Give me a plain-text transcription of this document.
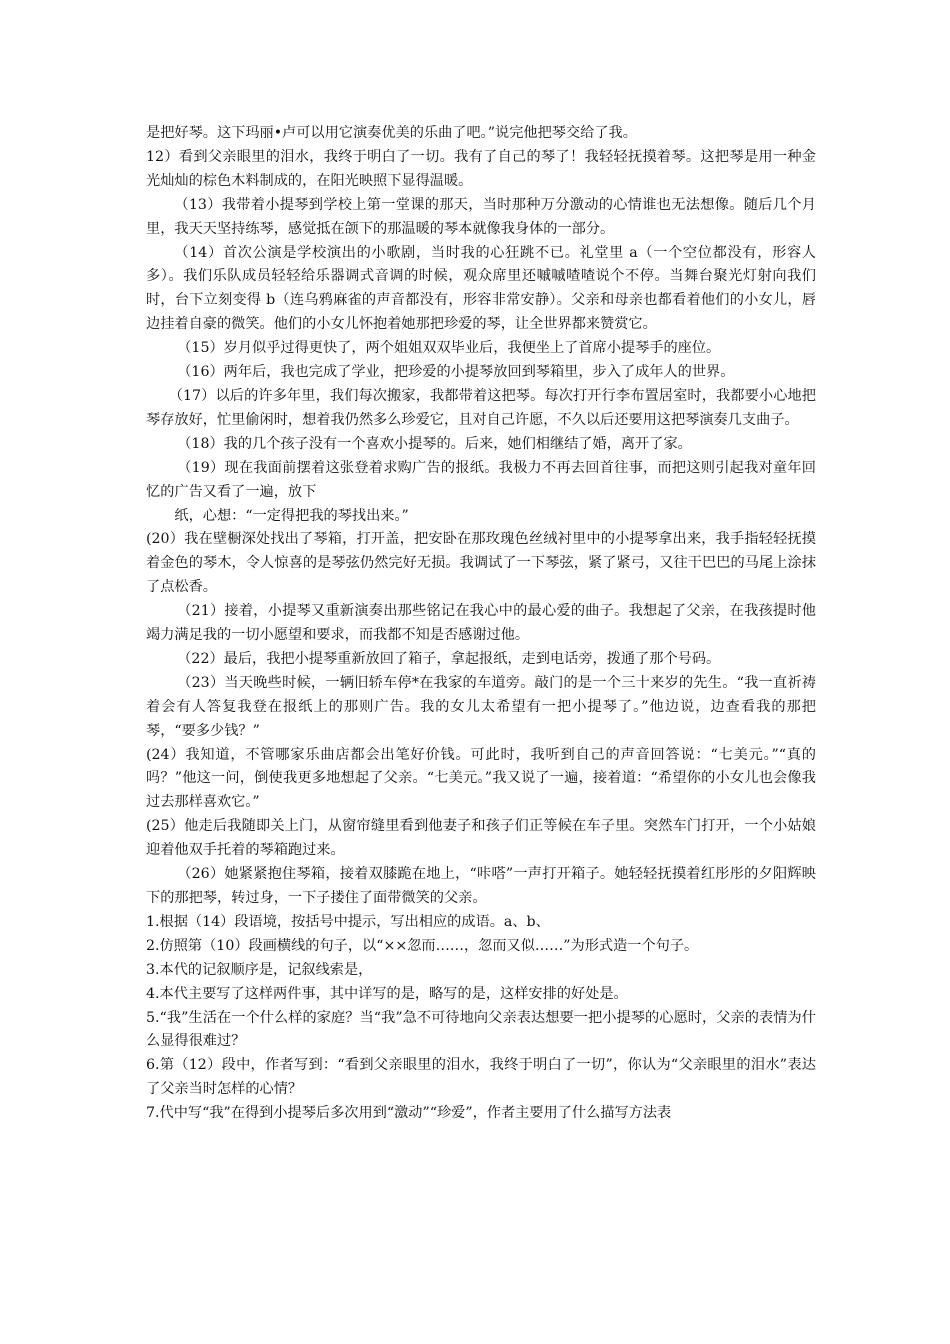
是把好琴。这下玛丽•卢可以用它演奏优美的乐曲了吧。”说完他把琴交给了我。

12）看到父亲眼里的泪水，我终于明白了一切。我有了自己的琴了！我轻轻抚摸着琴。这把琴是用一种金光灿灿的棕色木料制成的，在阳光映照下显得温暖。

（13）我带着小提琴到学校上第一堂课的那天，当时那种万分激动的心情谁也无法想像。随后几个月里，我天天坚持练琴，感觉抵在颌下的那温暖的琴本就像我身体的一部分。

（14）首次公演是学校演出的小歌剧，当时我的心狂跳不已。礼堂里 a（一个空位都没有，形容人多）。我们乐队成员轻轻给乐器调式音调的时候，观众席里还嘁嘁喳喳说个不停。当舞台聚光灯射向我们时，台下立刻变得 b（连乌鸦麻雀的声音都没有，形容非常安静）。父亲和母亲也都看着他们的小女儿，唇边挂着自豪的微笑。他们的小女儿怀抱着她那把珍爱的琴，让全世界都来赞赏它。

（15）岁月似乎过得更快了，两个姐姐双双毕业后，我便坐上了首席小提琴手的座位。

（16）两年后，我也完成了学业，把珍爱的小提琴放回到琴箱里，步入了成年人的世界。

（17）以后的许多年里，我们每次搬家，我都带着这把琴。每次打开行李布置居室时，我都要小心地把琴存放好，忙里偷闲时，想着我仍然多么珍爱它，且对自己许愿，不久以后还要用这把琴演奏几支曲子。

（18）我的几个孩子没有一个喜欢小提琴的。后来，她们相继结了婚，离开了家。

（19）现在我面前摆着这张登着求购广告的报纸。我极力不再去回首往事，而把这则引起我对童年回忆的广告又看了一遍，放下

纸，心想：“一定得把我的琴找出来。”

(20）我在壁橱深处找出了琴箱，打开盖，把安卧在那玫瑰色丝绒衬里中的小提琴拿出来，我手指轻轻抚摸着金色的琴木，令人惊喜的是琴弦仍然完好无损。我调试了一下琴弦，紧了紧弓，又往干巴巴的马尾上涂抹了点松香。

（21）接着，小提琴又重新演奏出那些铭记在我心中的最心爱的曲子。我想起了父亲，在我孩提时他竭力满足我的一切小愿望和要求，而我都不知是否感谢过他。

（22）最后，我把小提琴重新放回了箱子，拿起报纸，走到电话旁，拨通了那个号码。

（23）当天晚些时候，一辆旧轿车停*在我家的车道旁。敲门的是一个三十来岁的先生。“我一直祈祷着会有人答复我登在报纸上的那则广告。我的女儿太希望有一把小提琴了。”他边说，边查看我的那把琴，“要多少钱？”

(24）我知道，不管哪家乐曲店都会出笔好价钱。可此时，我听到自己的声音回答说：“七美元。”“真的吗？”他这一问，倒使我更多地想起了父亲。“七美元。”我又说了一遍，接着道：“希望你的小女儿也会像我过去那样喜欢它。”

(25）他走后我随即关上门，从窗帘缝里看到他妻子和孩子们正等候在车子里。突然车门打开，一个小姑娘迎着他双手托着的琴箱跑过来。

（26）她紧紧抱住琴箱，接着双膝跪在地上，“咔嗒”一声打开箱子。她轻轻抚摸着红彤彤的夕阳辉映下的那把琴，转过身，一下子搂住了面带微笑的父亲。

1.根据（14）段语境，按括号中提示，写出相应的成语。a、b、

2.仿照第（10）段画横线的句子，以“××忽而……，忽而又似……”为形式造一个句子。

3.本代的记叙顺序是，记叙线索是，

4.本代主要写了这样两件事，其中详写的是，略写的是，这样安排的好处是。

5.“我”生活在一个什么样的家庭？当“我”急不可待地向父亲表达想要一把小提琴的心愿时，父亲的表情为什么显得很难过？

6.第（12）段中，作者写到：“看到父亲眼里的泪水，我终于明白了一切”，你认为“父亲眼里的泪水”表达了父亲当时怎样的心情？

7.代中写“我”在得到小提琴后多次用到“激动”“珍爱”，作者主要用了什么描写方法表
